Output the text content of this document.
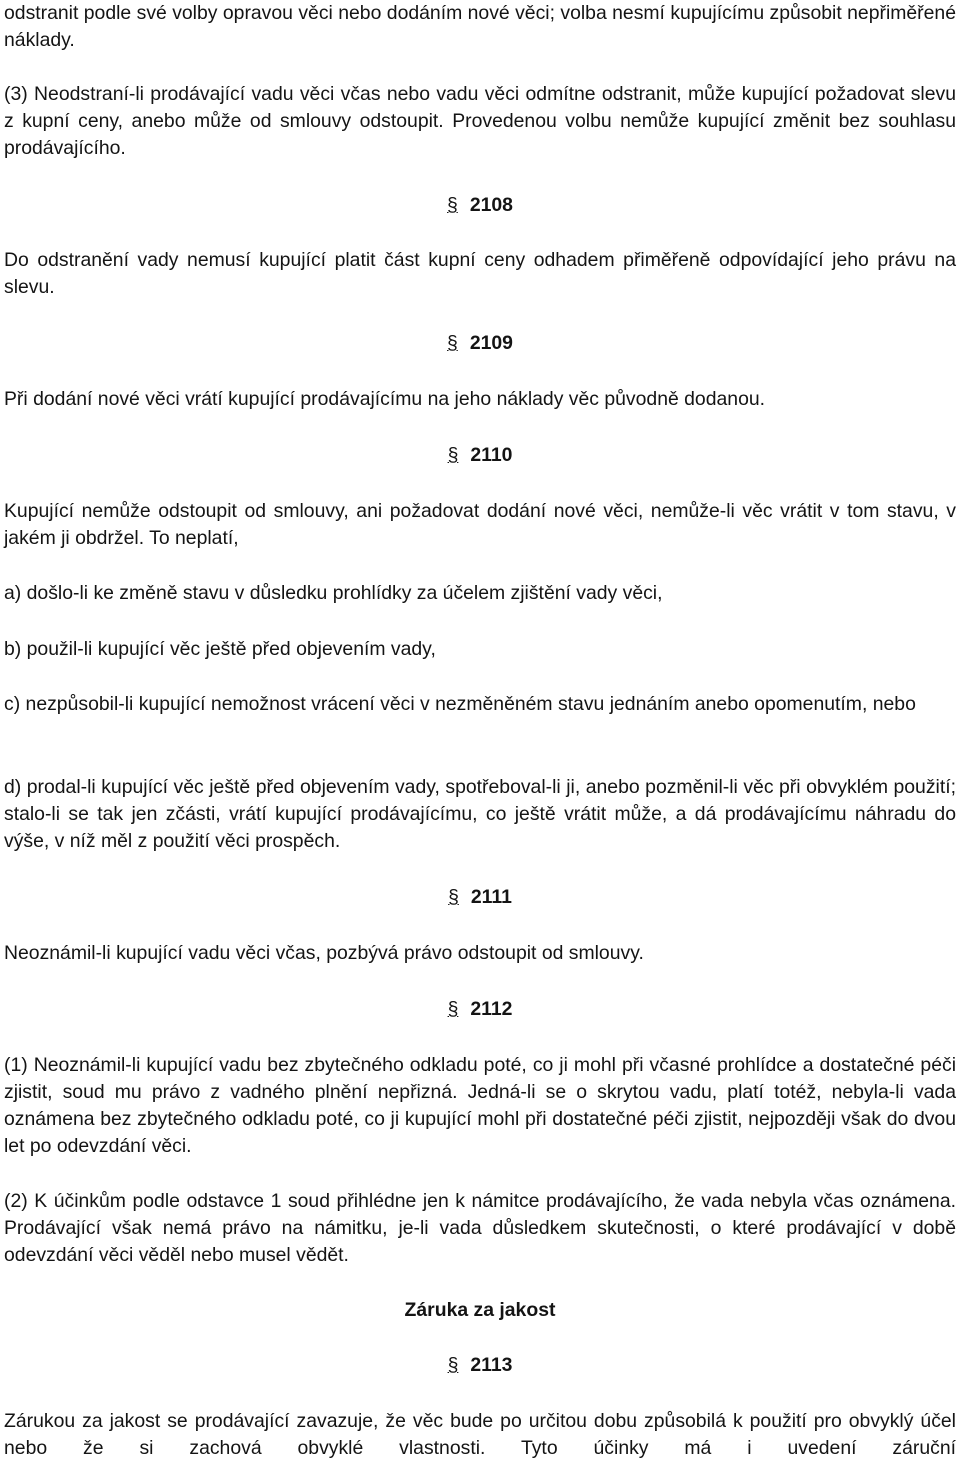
odstranit podle své volby opravou věci nebo dodáním nové věci; volba nesmí kupujícímu způsobit nepřiměřené náklady.

(3) Neodstraní-li prodávající vadu věci včas nebo vadu věci odmítne odstranit, může kupující požadovat slevu z kupní ceny, anebo může od smlouvy odstoupit. Provedenou volbu nemůže kupující změnit bez souhlasu prodávajícího.

§ 2108

Do odstranění vady nemusí kupující platit část kupní ceny odhadem přiměřeně odpovídající jeho právu na slevu.

§ 2109

Při dodání nové věci vrátí kupující prodávajícímu na jeho náklady věc původně dodanou.

§ 2110

Kupující nemůže odstoupit od smlouvy, ani požadovat dodání nové věci, nemůže-li věc vrátit v tom stavu, v jakém ji obdržel. To neplatí,

a) došlo-li ke změně stavu v důsledku prohlídky za účelem zjištění vady věci,

b) použil-li kupující věc ještě před objevením vady,

c) nezpůsobil-li kupující nemožnost vrácení věci v nezměněném stavu jednáním anebo opomenutím, nebo

d) prodal-li kupující věc ještě před objevením vady, spotřeboval-li ji, anebo pozměnil-li věc při obvyklém použití; stalo-li se tak jen zčásti, vrátí kupující prodávajícímu, co ještě vrátit může, a dá prodávajícímu náhradu do výše, v níž měl z použití věci prospěch.

§ 2111

Neoznámil-li kupující vadu věci včas, pozbývá právo odstoupit od smlouvy.

§ 2112

(1) Neoznámil-li kupující vadu bez zbytečného odkladu poté, co ji mohl při včasné prohlídce a dostatečné péči zjistit, soud mu právo z vadného plnění nepřizná. Jedná-li se o skrytou vadu, platí totéž, nebyla-li vada oznámena bez zbytečného odkladu poté, co ji kupující mohl při dostatečné péči zjistit, nejpozději však do dvou let po odevzdání věci.

(2) K účinkům podle odstavce 1 soud přihlédne jen k námitce prodávajícího, že vada nebyla včas oznámena. Prodávající však nemá právo na námitku, je-li vada důsledkem skutečnosti, o které prodávající v době odevzdání věci věděl nebo musel vědět.

Záruka za jakost

§ 2113

Zárukou za jakost se prodávající zavazuje, že věc bude po určitou dobu způsobilá k použití pro obvyklý účel nebo že si zachová obvyklé vlastnosti. Tyto účinky má i uvedení záruční
